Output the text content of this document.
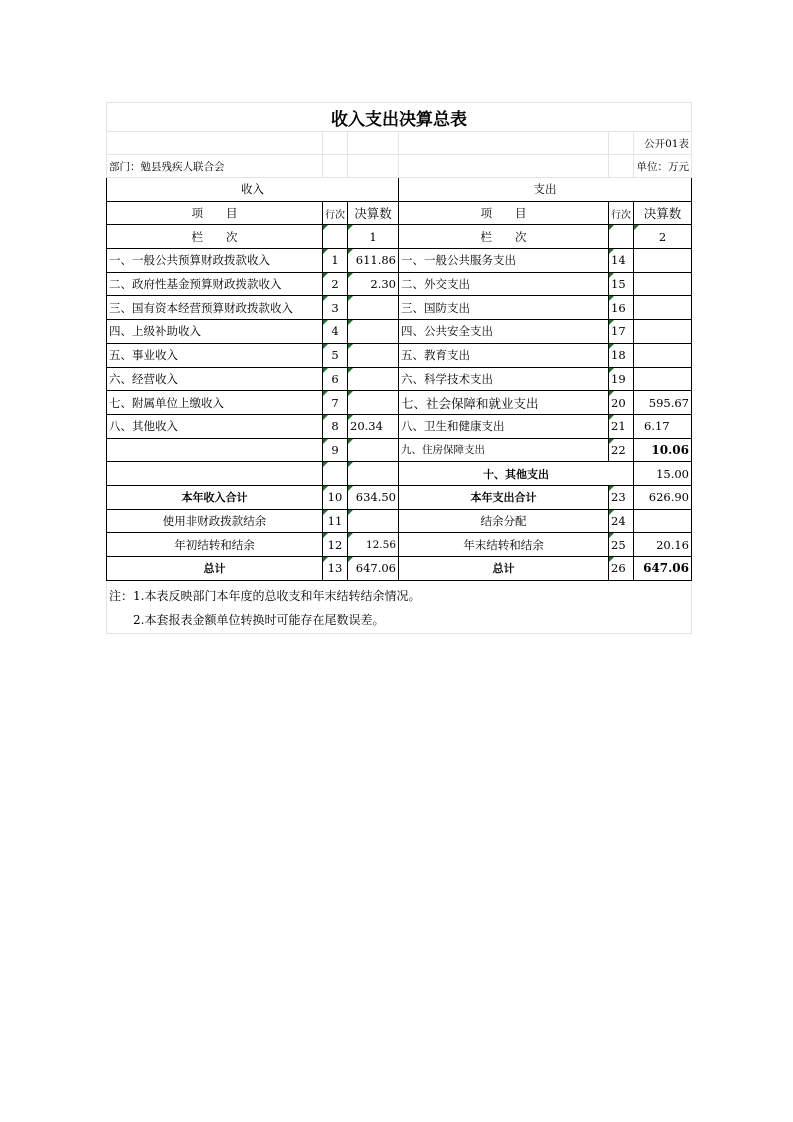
收入支出决算总表					
					公开01表
部门：勉县残疾人联合会					单位：万元
收入			支出		
项　　目	行次	决算数	项　　目	行次	决算数
栏　　次		1	栏　　次		2
一、一般公共预算财政拨款收入	1	611.86	一、一般公共服务支出	14	
二、政府性基金预算财政拨款收入	2	2.30	二、外交支出	15	
三、国有资本经营预算财政拨款收入	3		三、国防支出	16	
四、上级补助收入	4		四、公共安全支出	17	
五、事业收入	5		五、教育支出	18	
六、经营收入	6		六、科学技术支出	19	
七、附属单位上缴收入	7		七、社会保障和就业支出	20	595.67
八、其他收入	8	20.34	八、卫生和健康支出	21	6.17
	9		九、住房保障支出	22	10.06
			十、其他支出		15.00
本年收入合计	10	634.50	本年支出合计	23	626.90
使用非财政拨款结余	11		结余分配	24	
年初结转和结余	12	12.56	年末结转和结余	25	20.16
总计	13	647.06	总计	26	647.06
注：1.本表反映部门本年度的总收支和年末结转结余情况。					
2.本套报表金额单位转换时可能存在尾数误差。					
